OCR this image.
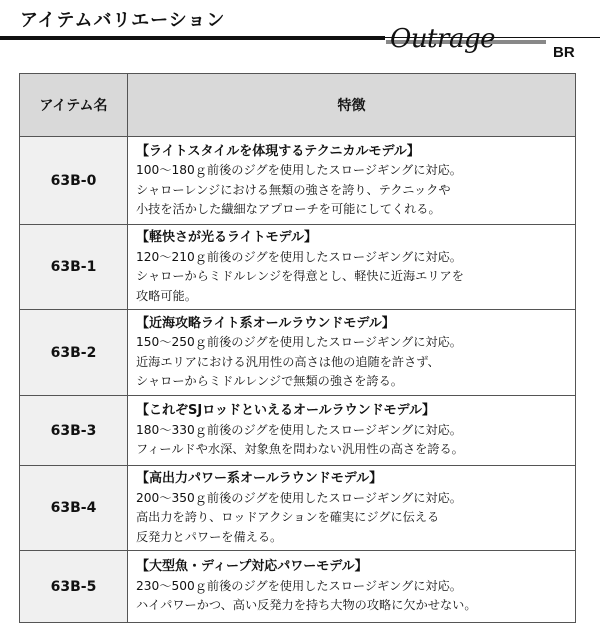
アイテムバリエーション
Outrage	BR
アイテム名	特徴
63B-0	【ライトスタイルを体現するテクニカルモデル】
100〜180ｇ前後のジグを使用したスロージギングに対応。
シャローレンジにおける無類の強さを誇り、テクニックや
小技を活かした繊細なアプローチを可能にしてくれる。

63B-1	【軽快さが光るライトモデル】
120〜210ｇ前後のジグを使用したスロージギングに対応。
シャローからミドルレンジを得意とし、軽快に近海エリアを
攻略可能。

63B-2	【近海攻略ライト系オールラウンドモデル】
150〜250ｇ前後のジグを使用したスロージギングに対応。
近海エリアにおける汎用性の高さは他の追随を許さず、
シャローからミドルレンジで無類の強さを誇る。

63B-3	【これぞSJロッドといえるオールラウンドモデル】
180〜330ｇ前後のジグを使用したスロージギングに対応。
フィールドや水深、対象魚を問わない汎用性の高さを誇る。

63B-4	【高出力パワー系オールラウンドモデル】
200〜350ｇ前後のジグを使用したスロージギングに対応。
高出力を誇り、ロッドアクションを確実にジグに伝える
反発力とパワーを備える。

63B-5	【大型魚・ディープ対応パワーモデル】
230〜500ｇ前後のジグを使用したスロージギングに対応。
ハイパワーかつ、高い反発力を持ち大物の攻略に欠かせない。
